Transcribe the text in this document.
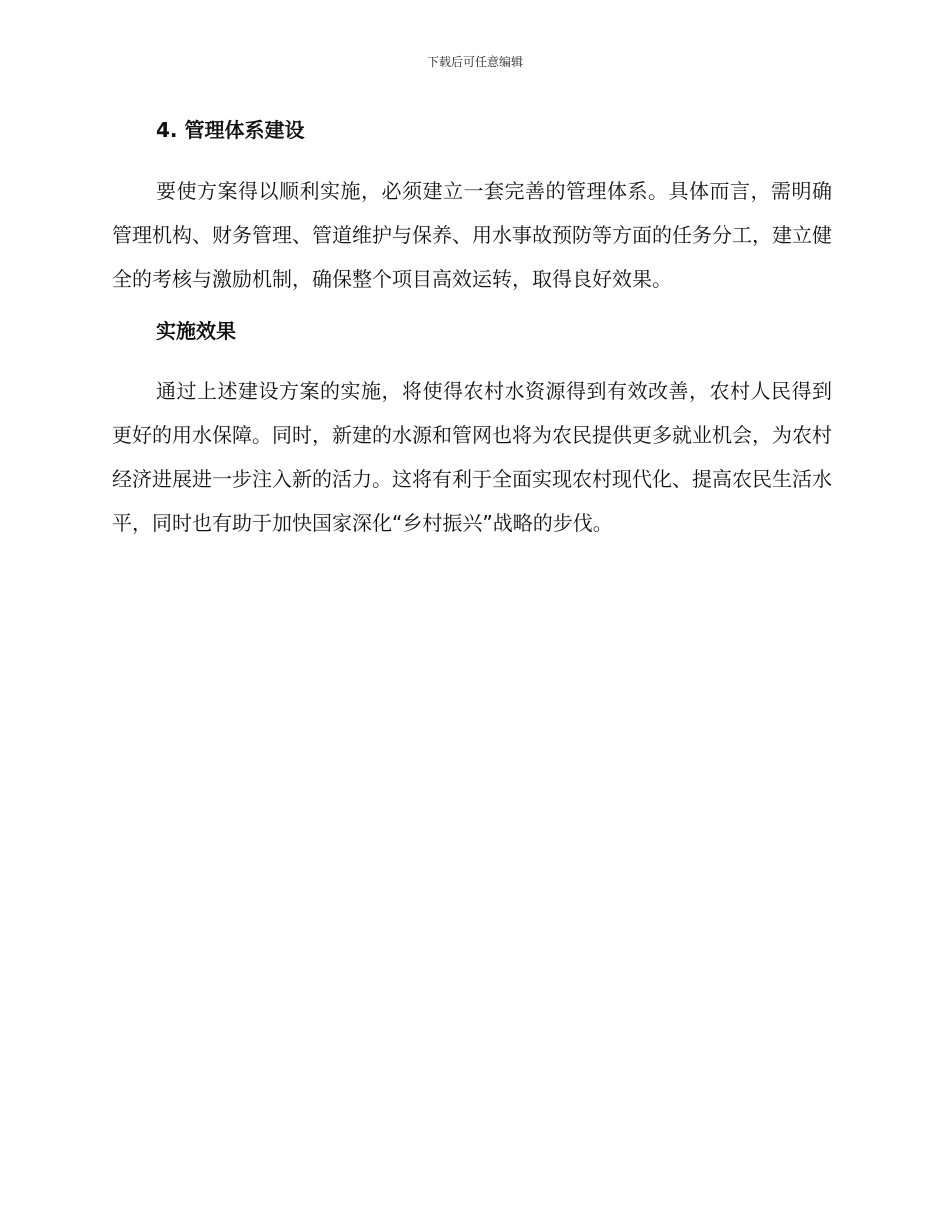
下载后可任意编辑
4. 管理体系建设

要使方案得以顺利实施，必须建立一套完善的管理体系。具体而言，需明确管理机构、财务管理、管道维护与保养、用水事故预防等方面的任务分工，建立健全的考核与激励机制，确保整个项目高效运转，取得良好效果。

实施效果

通过上述建设方案的实施，将使得农村水资源得到有效改善，农村人民得到更好的用水保障。同时，新建的水源和管网也将为农民提供更多就业机会，为农村经济进展进一步注入新的活力。这将有利于全面实现农村现代化、提高农民生活水平，同时也有助于加快国家深化“乡村振兴”战略的步伐。
